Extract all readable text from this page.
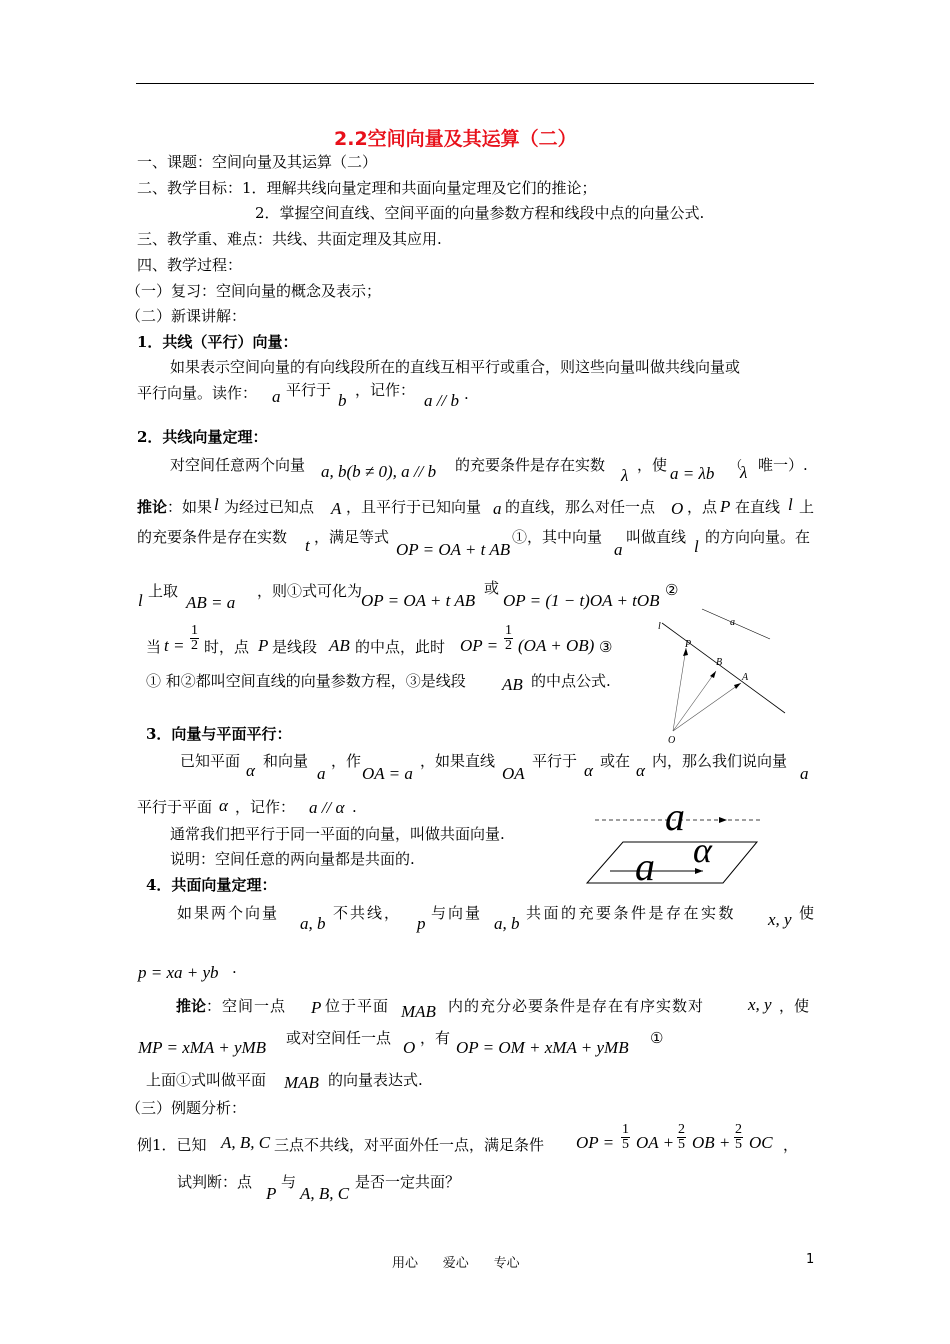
2.2空间向量及其运算（二）
一、课题：空间向量及其运算（二）
二、教学目标：1．理解共线向量定理和共面向量定理及它们的推论；
2．掌握空间直线、空间平面的向量参数方程和线段中点的向量公式.
三、教学重、难点：共线、共面定理及其应用.
四、教学过程：
（一）复习：空间向量的概念及表示；
（二）新课讲解：
1．共线（平行）向量：
如果表示空间向量的有向线段所在的直线互相平行或重合，则这些向量叫做共线向量或
平行向量。读作： a 平行于
b
，记作：
a // b .
2．共线向量定理：
对空间任意两个向量 a, b(b ≠ 0), a // b 的充要条件是存在实数
λ
，使 a = λb （
λ 唯一）.
推论 ：如果 l 为经过已知点 A ，且平行于已知向量 a 的直线，那么对任一点 O ，点 P 在直线 l 上
的充要条件是存在实数 t ，满足等式
OP = OA + t AB
①，其中向量
a
叫做直线 l 的方向向量。在
l 上取
AB = a
，则①式可化为
OP = OA + t AB
或
OP = (1 − t)OA + tOB
②
当 $t = \frac{1}{2}$ 时，点 P 是线段 AB 的中点，此时 OP = $\frac{1}{2} (OA + OB)$ ③
① 和②都叫空间直线的向量参数方程，③是线段 AB 的中点公式.
l	a
P
B
A
O
3．向量与平面平行：
已知平面 α 和向量
a
，作
OA = a
，如果直线
OA
平行于 α 或在 α 内，那么我们说向量
a
平行于平面 α ，记作： a // α .
通常我们把平行于同一平面的向量，叫做共面向量.
说明：空间任意的两向量都是共面的.
a
a α
4．共面向量定理：
如果两个向量
a, b
不共线，
p
与向量
a, b
共面的充要条件是存在实数 x, y 使
p = xa + yb .
推论 ：空间一点 P 位于平面 MAB 内的充分必要条件是存在有序实数对	x, y ，使
MP = xMA + yMB 或对空间任一点 O ，有 OP = OM + xMA + yMB ①
上面①式叫做平面 MAB 的向量表达式.
（三）例题分析：
例1．已知 A, B, C 三点不共线，对平面外任一点，满足条件 OP = $\frac{1}{5}$ OA + $\frac{2}{5}$ OB + $\frac{2}{5}$ OC ，
试判断：点
P
与
A, B, C
是否一定共面？
用心      爱心      专心	1
